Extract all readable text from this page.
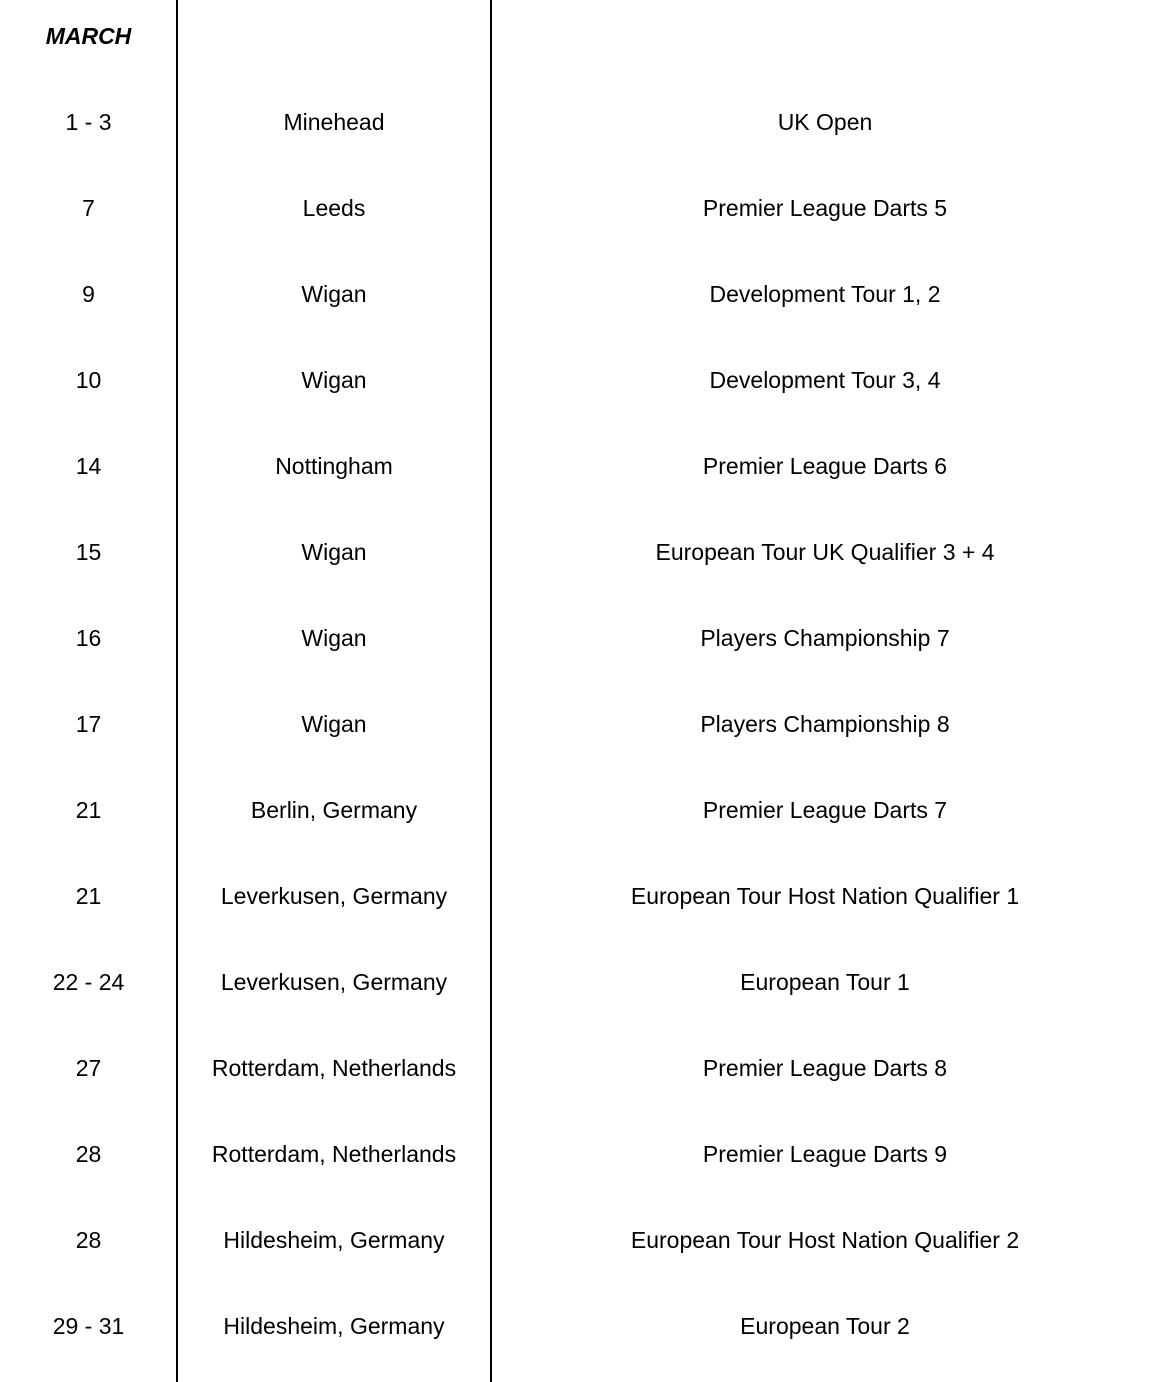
MARCH
1 - 3	Minehead	UK Open
7	Leeds	Premier League Darts 5
9	Wigan	Development Tour 1, 2
10	Wigan	Development Tour 3, 4
14	Nottingham	Premier League Darts 6
15	Wigan	European Tour UK Qualifier 3 + 4
16	Wigan	Players Championship 7
17	Wigan	Players Championship 8
21	Berlin, Germany	Premier League Darts 7
21	Leverkusen, Germany	European Tour Host Nation Qualifier 1
22 - 24	Leverkusen, Germany	European Tour 1
27	Rotterdam, Netherlands	Premier League Darts 8
28	Rotterdam, Netherlands	Premier League Darts 9
28	Hildesheim, Germany	European Tour Host Nation Qualifier 2
29 - 31	Hildesheim, Germany	European Tour 2
